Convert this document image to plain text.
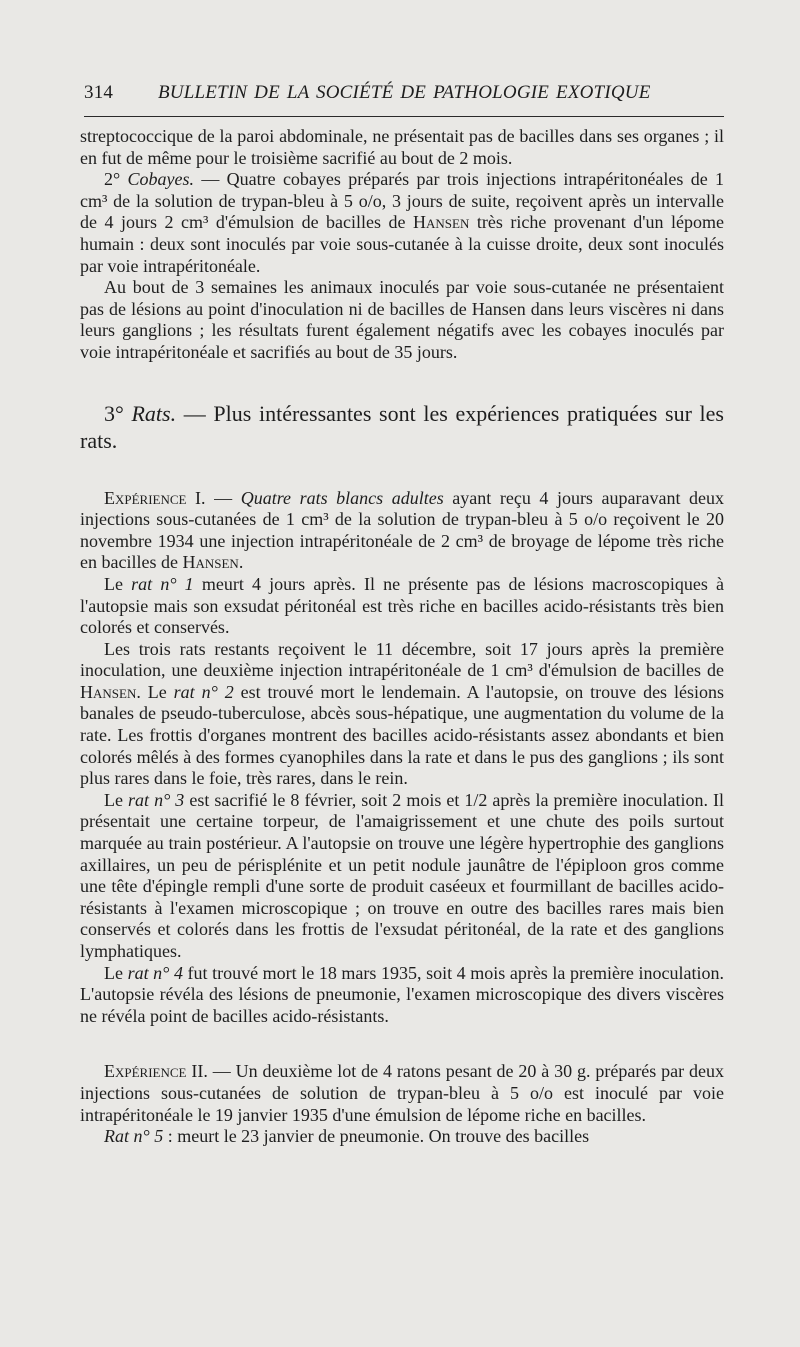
314 BULLETIN DE LA SOCIÉTÉ DE PATHOLOGIE EXOTIQUE

streptococcique de la paroi abdominale, ne présentait pas de bacilles dans ses organes ; il en fut de même pour le troisième sacrifié au bout de 2 mois.

2° Cobayes. — Quatre cobayes préparés par trois injections intrapéritonéales de 1 cm³ de la solution de trypan-bleu à 5 o/o, 3 jours de suite, reçoivent après un intervalle de 4 jours 2 cm³ d'émulsion de bacilles de Hansen très riche provenant d'un lépome humain : deux sont inoculés par voie sous-cutanée à la cuisse droite, deux sont inoculés par voie intrapéritonéale.

Au bout de 3 semaines les animaux inoculés par voie sous-cutanée ne présentaient pas de lésions au point d'inoculation ni de bacilles de Hansen dans leurs viscères ni dans leurs ganglions ; les résultats furent également négatifs avec les cobayes inoculés par voie intrapéritonéale et sacrifiés au bout de 35 jours.

3° Rats. — Plus intéressantes sont les expériences pratiquées sur les rats.

Expérience I. — Quatre rats blancs adultes ayant reçu 4 jours auparavant deux injections sous-cutanées de 1 cm³ de la solution de trypan-bleu à 5 o/o reçoivent le 20 novembre 1934 une injection intrapéritonéale de 2 cm³ de broyage de lépome très riche en bacilles de Hansen.

Le rat n° 1 meurt 4 jours après. Il ne présente pas de lésions macroscopiques à l'autopsie mais son exsudat péritonéal est très riche en bacilles acido-résistants très bien colorés et conservés.

Les trois rats restants reçoivent le 11 décembre, soit 17 jours après la première inoculation, une deuxième injection intrapéritonéale de 1 cm³ d'émulsion de bacilles de Hansen. Le rat n° 2 est trouvé mort le lendemain. A l'autopsie, on trouve des lésions banales de pseudo-tuberculose, abcès sous-hépatique, une augmentation du volume de la rate. Les frottis d'organes montrent des bacilles acido-résistants assez abondants et bien colorés mêlés à des formes cyanophiles dans la rate et dans le pus des ganglions ; ils sont plus rares dans le foie, très rares, dans le rein.

Le rat n° 3 est sacrifié le 8 février, soit 2 mois et 1/2 après la première inoculation. Il présentait une certaine torpeur, de l'amaigrissement et une chute des poils surtout marquée au train postérieur. A l'autopsie on trouve une légère hypertrophie des ganglions axillaires, un peu de périsplénite et un petit nodule jaunâtre de l'épiploon gros comme une tête d'épingle rempli d'une sorte de produit caséeux et fourmillant de bacilles acido-résistants à l'examen microscopique ; on trouve en outre des bacilles rares mais bien conservés et colorés dans les frottis de l'exsudat péritonéal, de la rate et des ganglions lymphatiques.

Le rat n° 4 fut trouvé mort le 18 mars 1935, soit 4 mois après la première inoculation. L'autopsie révéla des lésions de pneumonie, l'examen microscopique des divers viscères ne révéla point de bacilles acido-résistants.

Expérience II. — Un deuxième lot de 4 ratons pesant de 20 à 30 g. préparés par deux injections sous-cutanées de solution de trypan-bleu à 5 o/o est inoculé par voie intrapéritonéale le 19 janvier 1935 d'une émulsion de lépome riche en bacilles.

Rat n° 5 : meurt le 23 janvier de pneumonie. On trouve des bacilles
